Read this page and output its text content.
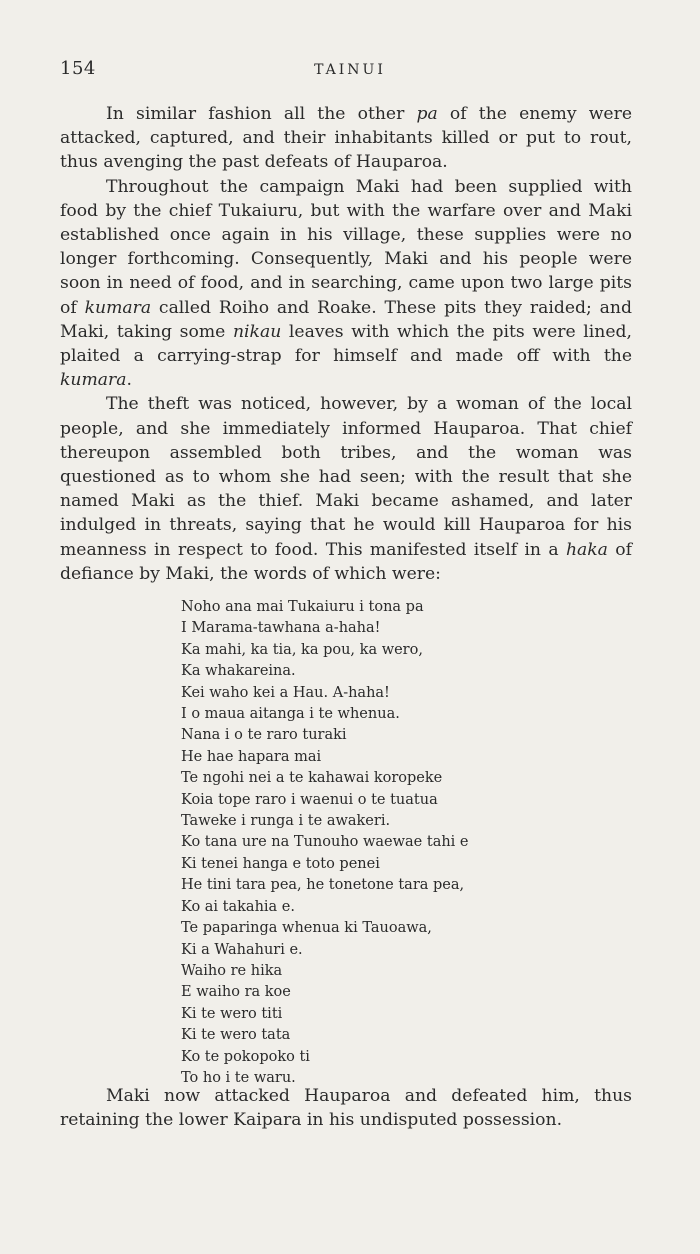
154	TAINUI

In similar fashion all the other pa of the enemy were attacked, captured, and their inhabitants killed or put to rout, thus avenging the past defeats of Hauparoa.

Throughout the campaign Maki had been supplied with food by the chief Tukaiuru, but with the warfare over and Maki established once again in his village, these supplies were no longer forthcoming. Consequently, Maki and his people were soon in need of food, and in searching, came upon two large pits of kumara called Roiho and Roake. These pits they raided; and Maki, taking some nikau leaves with which the pits were lined, plaited a carrying-strap for himself and made off with the kumara.

The theft was noticed, however, by a woman of the local people, and she immediately informed Hauparoa. That chief thereupon assembled both tribes, and the woman was questioned as to whom she had seen; with the result that she named Maki as the thief. Maki became ashamed, and later indulged in threats, saying that he would kill Hauparoa for his meanness in respect to food. This manifested itself in a haka of defiance by Maki, the words of which were:

Noho ana mai Tukaiuru i tona pa
I Marama-tawhana a-haha!
Ka mahi, ka tia, ka pou, ka wero,
Ka whakareina.
Kei waho kei a Hau. A-haha!
I o maua aitanga i te whenua.
Nana i o te raro turaki
He hae hapara mai
Te ngohi nei a te kahawai koropeke
Koia tope raro i waenui o te tuatua
Taweke i runga i te awakeri.
Ko tana ure na Tunouho waewae tahi e
Ki tenei hanga e toto penei
He tini tara pea, he tonetone tara pea,
Ko ai takahia e.
Te paparinga whenua ki Tauoawa,
Ki a Wahahuri e.
Waiho re hika
E waiho ra koe
Ki te wero titi
Ki te wero tata
Ko te pokopoko ti
To ho i te waru.

Maki now attacked Hauparoa and defeated him, thus retaining the lower Kaipara in his undisputed possession.
